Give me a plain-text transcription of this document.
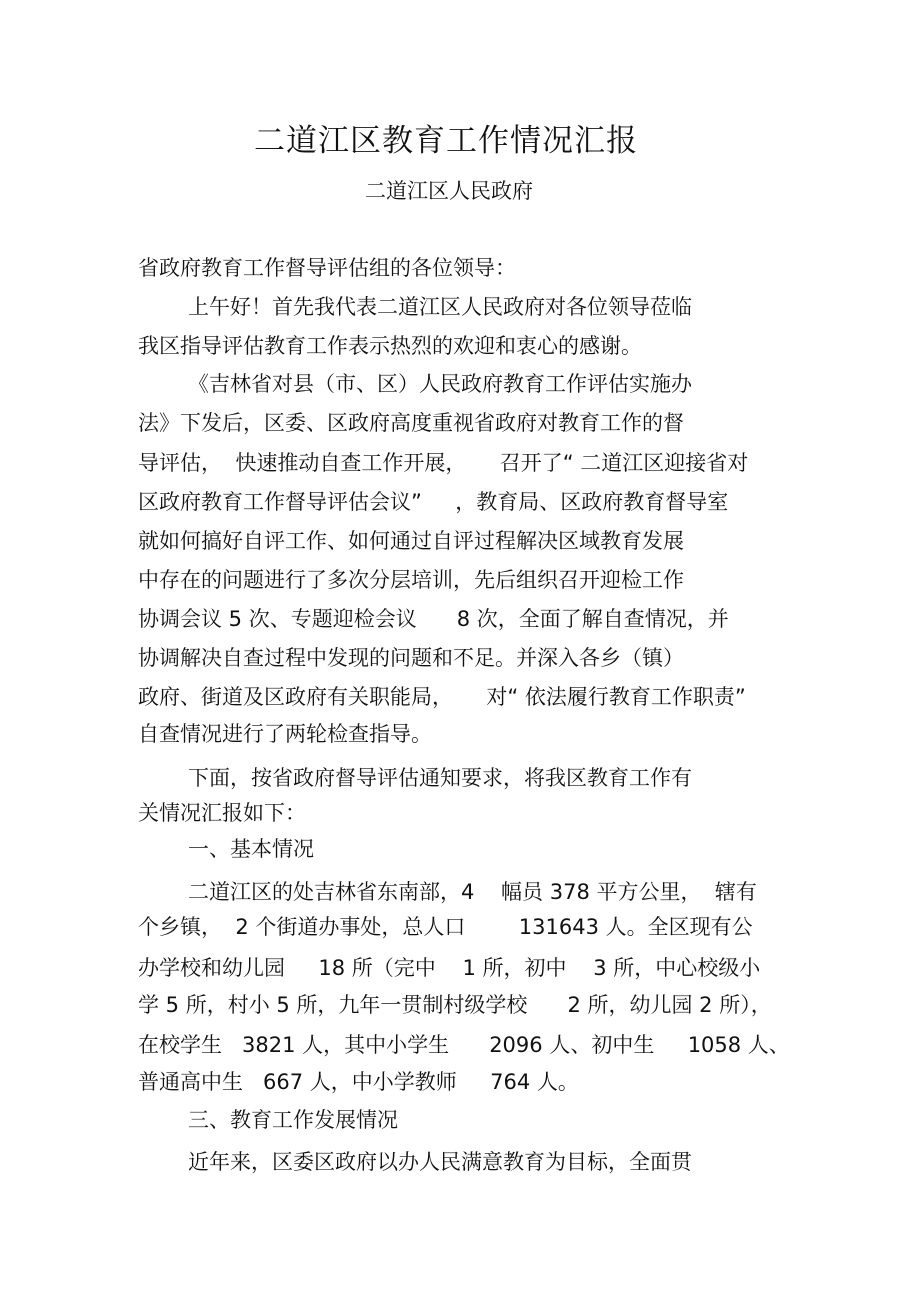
二道江区教育工作情况汇报
二道江区人民政府
省政府教育工作督导评估组的各位领导：
上午好！首先我代表二道江区人民政府对各位领导莅临
我区指导评估教育工作表示热烈的欢迎和衷心的感谢。
《吉林省对县（市、区）人民政府教育工作评估实施办
法》下发后，区委、区政府高度重视省政府对教育工作的督
导评估，  快速推动自查工作开展，     召开了“ 二道江区迎接省对
区政府教育工作督导评估会议”     ，教育局、区政府教育督导室
就如何搞好自评工作、如何通过自评过程解决区域教育发展
中存在的问题进行了多次分层培训，先后组织召开迎检工作
协调会议 5 次、专题迎检会议      8 次，全面了解自查情况，并
协调解决自查过程中发现的问题和不足。并深入各乡（镇）
政府、街道及区政府有关职能局，     对“ 依法履行教育工作职责”
自查情况进行了两轮检查指导。
下面，按省政府督导评估通知要求，将我区教育工作有
关情况汇报如下：
一、基本情况
二道江区的处吉林省东南部，4    幅员 378 平方公里，  辖有
个乡镇，  2 个街道办事处，总人口        131643 人。全区现有公
办学校和幼儿园     18 所（完中    1 所，初中    3 所，中心校级小
学 5 所，村小 5 所，九年一贯制村级学校      2 所，幼儿园 2 所），
在校学生   3821 人，其中小学生      2096 人、初中生     1058 人、
普通高中生   667 人，中小学教师     764 人。
三、教育工作发展情况
近年来，区委区政府以办人民满意教育为目标，全面贯
